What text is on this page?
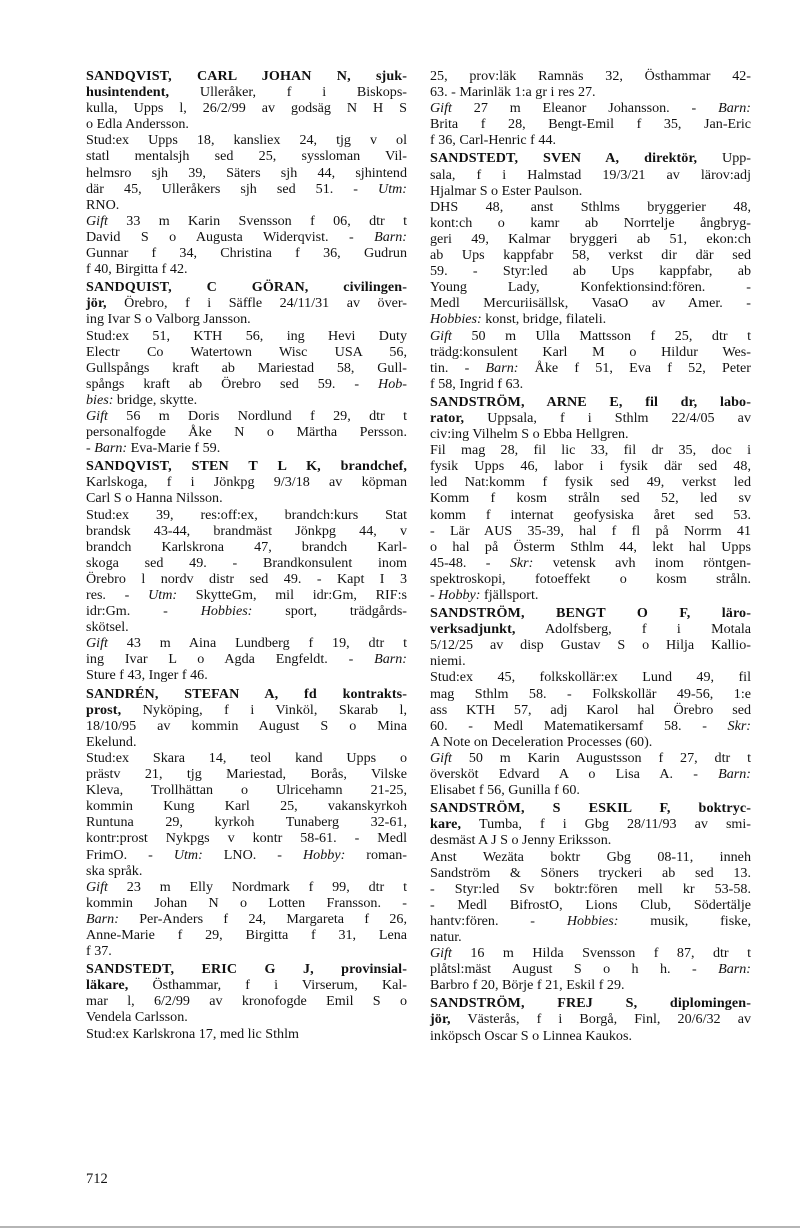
SANDQVIST, CARL JOHAN N, sjuk-
husintendent, Ulleråker, f i Biskops-
kulla, Upps l, 26/2/99 av godsäg N H S
o Edla Andersson.
Stud:ex Upps 18, kansliex 24, tjg v ol
statl mentalsjh sed 25, syssloman Vil-
helmsro sjh 39, Säters sjh 44, sjhintend
där 45, Ulleråkers sjh sed 51. - Utm:
RNO.
Gift 33 m Karin Svensson f 06, dtr t
David S o Augusta Widerqvist. - Barn:
Gunnar f 34, Christina f 36, Gudrun
f 40, Birgitta f 42.
SANDQUIST, C GÖRAN, civilingen-
jör, Örebro, f i Säffle 24/11/31 av över-
ing Ivar S o Valborg Jansson.
Stud:ex 51, KTH 56, ing Hevi Duty
Electr Co Watertown Wisc USA 56,
Gullspångs kraft ab Mariestad 58, Gull-
spångs kraft ab Örebro sed 59. - Hob-
bies: bridge, skytte.
Gift 56 m Doris Nordlund f 29, dtr t
personalfogde Åke N o Märtha Persson.
- Barn: Eva-Marie f 59.
SANDQVIST, STEN T L K, brandchef,
Karlskoga, f i Jönkpg 9/3/18 av köpman
Carl S o Hanna Nilsson.
Stud:ex 39, res:off:ex, brandch:kurs Stat
brandsk 43-44, brandmäst Jönkpg 44, v
brandch Karlskrona 47, brandch Karl-
skoga sed 49. - Brandkonsulent inom
Örebro l nordv distr sed 49. - Kapt I 3
res. - Utm: SkytteGm, mil idr:Gm, RIF:s
idr:Gm. - Hobbies: sport, trädgårds-
skötsel.
Gift 43 m Aina Lundberg f 19, dtr t
ing Ivar L o Agda Engfeldt. - Barn:
Sture f 43, Inger f 46.
SANDRÉN, STEFAN A, fd kontrakts-
prost, Nyköping, f i Vinköl, Skarab l,
18/10/95 av kommin August S o Mina
Ekelund.
Stud:ex Skara 14, teol kand Upps o
prästv 21, tjg Mariestad, Borås, Vilske
Kleva, Trollhättan o Ulricehamn 21-25,
kommin Kung Karl 25, vakanskyrkoh
Runtuna 29, kyrkoh Tunaberg 32-61,
kontr:prost Nykpgs v kontr 58-61. - Medl
FrimO. - Utm: LNO. - Hobby: roman-
ska språk.
Gift 23 m Elly Nordmark f 99, dtr t
kommin Johan N o Lotten Fransson. -
Barn: Per-Anders f 24, Margareta f 26,
Anne-Marie f 29, Birgitta f 31, Lena
f 37.
SANDSTEDT, ERIC G J, provinsial-
läkare, Östhammar, f i Virserum, Kal-
mar l, 6/2/99 av kronofogde Emil S o
Vendela Carlsson.
Stud:ex Karlskrona 17, med lic Sthlm
25, prov:läk Ramnäs 32, Östhammar 42-
63. - Marinläk 1:a gr i res 27.
Gift 27 m Eleanor Johansson. - Barn:
Brita f 28, Bengt-Emil f 35, Jan-Eric
f 36, Carl-Henric f 44.
SANDSTEDT, SVEN A, direktör, Upp-
sala, f i Halmstad 19/3/21 av lärov:adj
Hjalmar S o Ester Paulson.
DHS 48, anst Sthlms bryggerier 48,
kont:ch o kamr ab Norrtelje ångbryg-
geri 49, Kalmar bryggeri ab 51, ekon:ch
ab Ups kappfabr 58, verkst dir där sed
59. - Styr:led ab Ups kappfabr, ab
Young Lady, Konfektionsind:fören. -
Medl Mercuriisällsk, VasaO av Amer. -
Hobbies: konst, bridge, filateli.
Gift 50 m Ulla Mattsson f 25, dtr t
trädg:konsulent Karl M o Hildur Wes-
tin. - Barn: Åke f 51, Eva f 52, Peter
f 58, Ingrid f 63.
SANDSTRÖM, ARNE E, fil dr, labo-
rator, Uppsala, f i Sthlm 22/4/05 av
civ:ing Vilhelm S o Ebba Hellgren.
Fil mag 28, fil lic 33, fil dr 35, doc i
fysik Upps 46, labor i fysik där sed 48,
led Nat:komm f fysik sed 49, verkst led
Komm f kosm stråln sed 52, led sv
komm f internat geofysiska året sed 53.
- Lär AUS 35-39, hal f fl på Norrm 41
o hal på Österm Sthlm 44, lekt hal Upps
45-48. - Skr: vetensk avh inom röntgen-
spektroskopi, fotoeffekt o kosm stråln.
- Hobby: fjällsport.
SANDSTRÖM, BENGT O F, läro-
verksadjunkt, Adolfsberg, f i Motala
5/12/25 av disp Gustav S o Hilja Kallio-
niemi.
Stud:ex 45, folkskollär:ex Lund 49, fil
mag Sthlm 58. - Folkskollär 49-56, 1:e
ass KTH 57, adj Karol hal Örebro sed
60. - Medl Matematikersamf 58. - Skr:
A Note on Deceleration Processes (60).
Gift 50 m Karin Augustsson f 27, dtr t
översköt Edvard A o Lisa A. - Barn:
Elisabet f 56, Gunilla f 60.
SANDSTRÖM, S ESKIL F, boktryc-
kare, Tumba, f i Gbg 28/11/93 av smi-
desmäst A J S o Jenny Eriksson.
Anst Wezäta boktr Gbg 08-11, inneh
Sandström & Söners tryckeri ab sed 13.
- Styr:led Sv boktr:fören mell kr 53-58.
- Medl BifrostO, Lions Club, Södertälje
hantv:fören. - Hobbies: musik, fiske,
natur.
Gift 16 m Hilda Svensson f 87, dtr t
plåtsl:mäst August S o h h. - Barn:
Barbro f 20, Börje f 21, Eskil f 29.
SANDSTRÖM, FREJ S, diplomingen-
jör, Västerås, f i Borgå, Finl, 20/6/32 av
inköpsch Oscar S o Linnea Kaukos.
712
